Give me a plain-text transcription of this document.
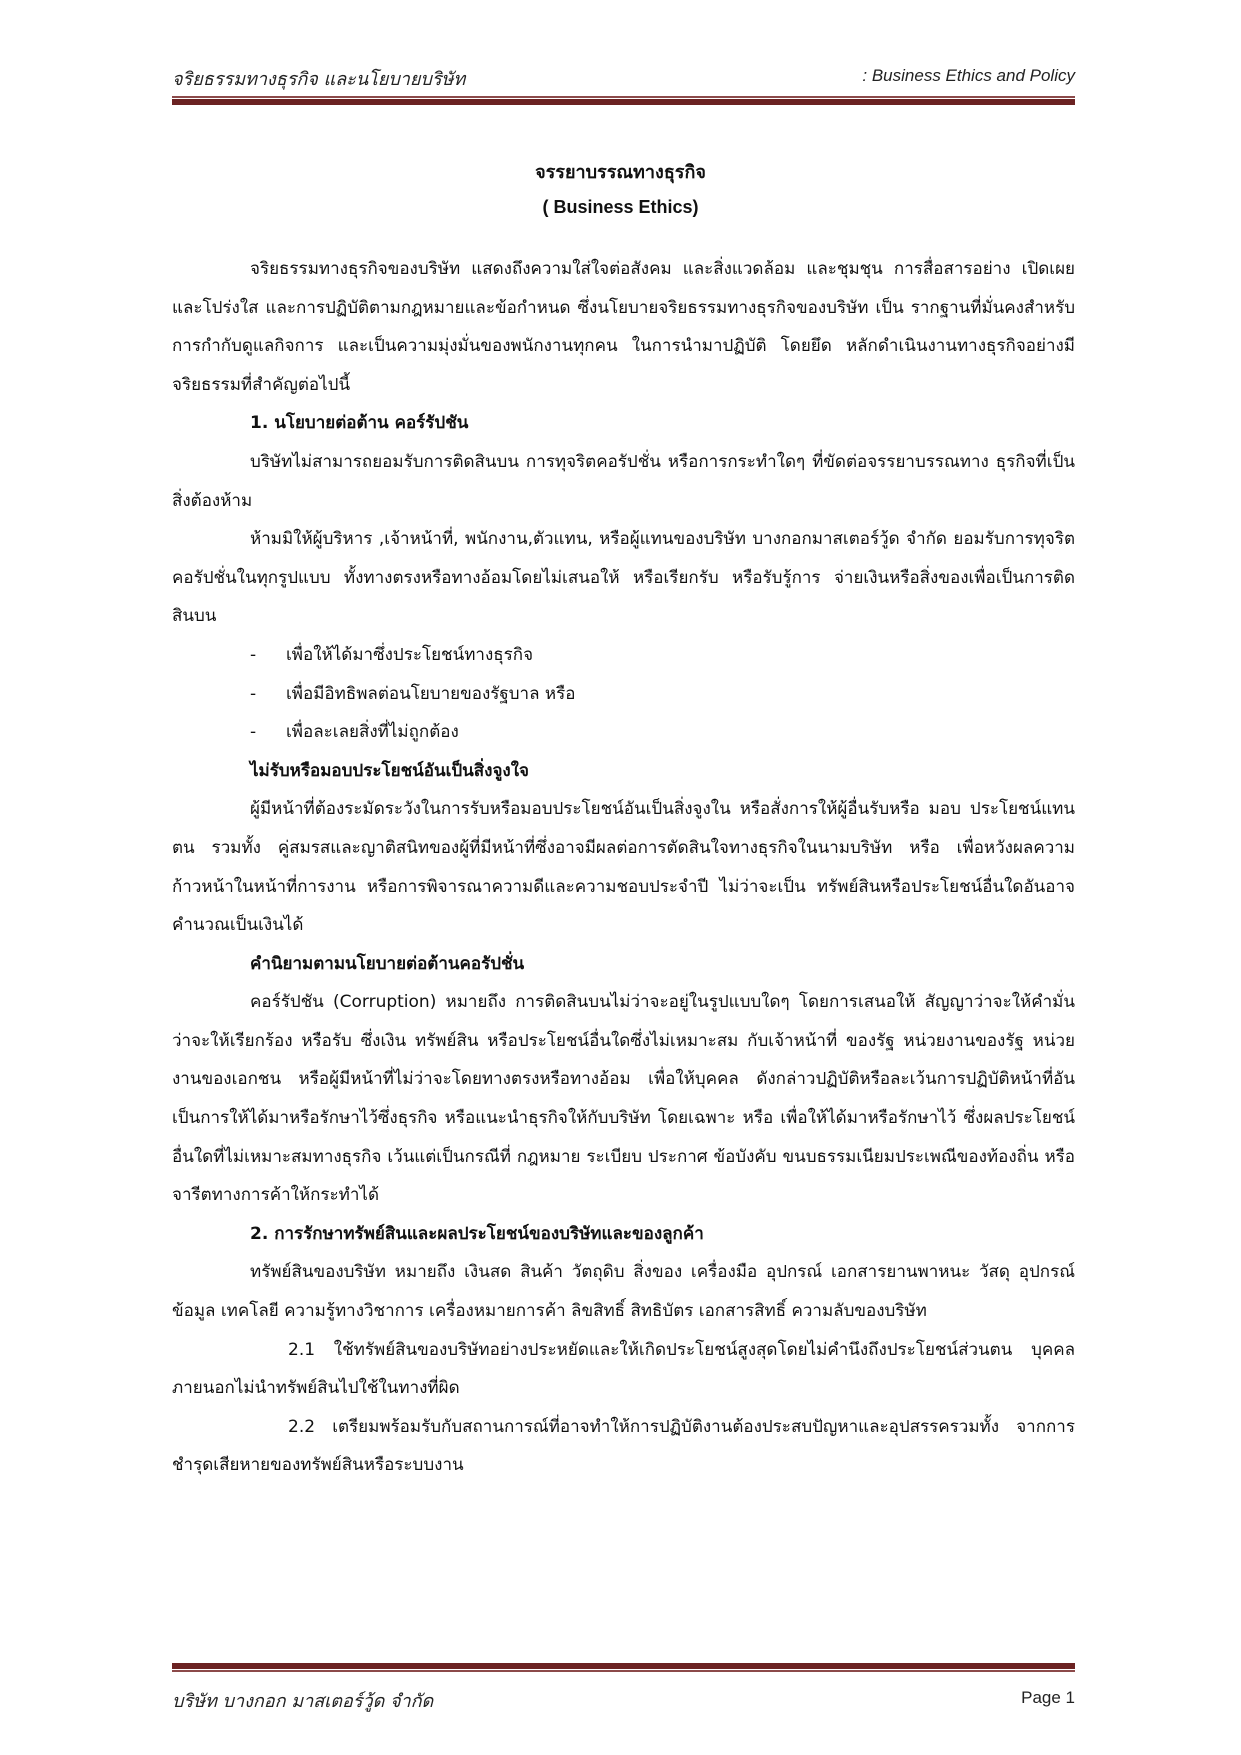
จริยธรรมทางธุรกิจ และนโยบายบริษัท	: Business Ethics and Policy
จรรยาบรรณทางธุรกิจ
( Business Ethics)

จริยธรรมทางธุรกิจของบริษัท แสดงถึงความใส่ใจต่อสังคม และสิ่งแวดล้อม และชุมชุน การสื่อสารอย่าง เปิดเผย และโปร่งใส และการปฏิบัติตามกฎหมายและข้อกำหนด ซึ่งนโยบายจริยธรรมทางธุรกิจของบริษัท เป็น รากฐานที่มั่นคงสำหรับการกำกับดูแลกิจการ และเป็นความมุ่งมั่นของพนักงานทุกคน ในการนำมาปฏิบัติ โดยยึด หลักดำเนินงานทางธุรกิจอย่างมีจริยธรรมที่สำคัญต่อไปนี้

1. นโยบายต่อต้าน คอร์รัปชัน

บริษัทไม่สามารถยอมรับการติดสินบน การทุจริตคอรัปชั่น หรือการกระทำใดๆ ที่ขัดต่อจรรยาบรรณทาง ธุรกิจที่เป็นสิ่งต้องห้าม

ห้ามมิให้ผู้บริหาร ,เจ้าหน้าที่, พนักงาน,ตัวแทน, หรือผู้แทนของบริษัท บางกอกมาสเตอร์วู้ด จำกัด ยอมรับการทุจริต คอรัปชั่นในทุกรูปแบบ ทั้งทางตรงหรือทางอ้อมโดยไม่เสนอให้ หรือเรียกรับ หรือรับรู้การ จ่ายเงินหรือสิ่งของเพื่อเป็นการติดสินบน

- เพื่อให้ได้มาซึ่งประโยชน์ทางธุรกิจ

- เพื่อมีอิทธิพลต่อนโยบายของรัฐบาล หรือ

- เพื่อละเลยสิ่งที่ไม่ถูกต้อง

ไม่รับหรือมอบประโยชน์อันเป็นสิ่งจูงใจ

ผู้มีหน้าที่ต้องระมัดระวังในการรับหรือมอบประโยชน์อันเป็นสิ่งจูงใน หรือสั่งการให้ผู้อื่นรับหรือ มอบ ประโยชน์แทนตน รวมทั้ง คู่สมรสและญาติสนิทของผู้ที่มีหน้าที่ซึ่งอาจมีผลต่อการตัดสินใจทางธุรกิจในนามบริษัท หรือ เพื่อหวังผลความก้าวหน้าในหน้าที่การงาน หรือการพิจารณาความดีและความชอบประจำปี ไม่ว่าจะเป็น ทรัพย์สินหรือประโยชน์อื่นใดอันอาจคำนวณเป็นเงินได้

คำนิยามตามนโยบายต่อต้านคอรัปชั่น

คอร์รัปชัน (Corruption) หมายถึง การติดสินบนไม่ว่าจะอยู่ในรูปแบบใดๆ โดยการเสนอให้ สัญญาว่าจะให้คำมั่นว่าจะให้เรียกร้อง หรือรับ ซึ่งเงิน ทรัพย์สิน หรือประโยชน์อื่นใดซึ่งไม่เหมาะสม กับเจ้าหน้าที่ ของรัฐ หน่วยงานของรัฐ หน่วยงานของเอกชน หรือผู้มีหน้าที่ไม่ว่าจะโดยทางตรงหรือทางอ้อม เพื่อให้บุคคล ดังกล่าวปฏิบัติหรือละเว้นการปฏิบัติหน้าที่อันเป็นการให้ได้มาหรือรักษาไว้ซึ่งธุรกิจ หรือแนะนำธุรกิจให้กับบริษัท โดยเฉพาะ หรือ เพื่อให้ได้มาหรือรักษาไว้ ซึ่งผลประโยชน์อื่นใดที่ไม่เหมาะสมทางธุรกิจ เว้นแต่เป็นกรณีที่ กฎหมาย ระเบียบ ประกาศ ข้อบังคับ ขนบธรรมเนียมประเพณีของท้องถิ่น หรือจารีตทางการค้าให้กระทำได้

2. การรักษาทรัพย์สินและผลประโยชน์ของบริษัทและของลูกค้า

ทรัพย์สินของบริษัท หมายถึง เงินสด สินค้า วัตถุดิบ สิ่งของ เครื่องมือ อุปกรณ์ เอกสารยานพาหนะ วัสดุ อุปกรณ์ ข้อมูล เทคโลยี ความรู้ทางวิชาการ เครื่องหมายการค้า ลิขสิทธิ์ สิทธิบัตร เอกสารสิทธิ์ ความลับของบริษัท

2.1 ใช้ทรัพย์สินของบริษัทอย่างประหยัดและให้เกิดประโยชน์สูงสุดโดยไม่คำนึงถึงประโยชน์ส่วนตน บุคคลภายนอกไม่นำทรัพย์สินไปใช้ในทางที่ผิด

2.2 เตรียมพร้อมรับกับสถานการณ์ที่อาจทำให้การปฏิบัติงานต้องประสบปัญหาและอุปสรรครวมทั้ง จากการชำรุดเสียหายของทรัพย์สินหรือระบบงาน

บริษัท บางกอก มาสเตอร์วู้ด จำกัด	Page 1
